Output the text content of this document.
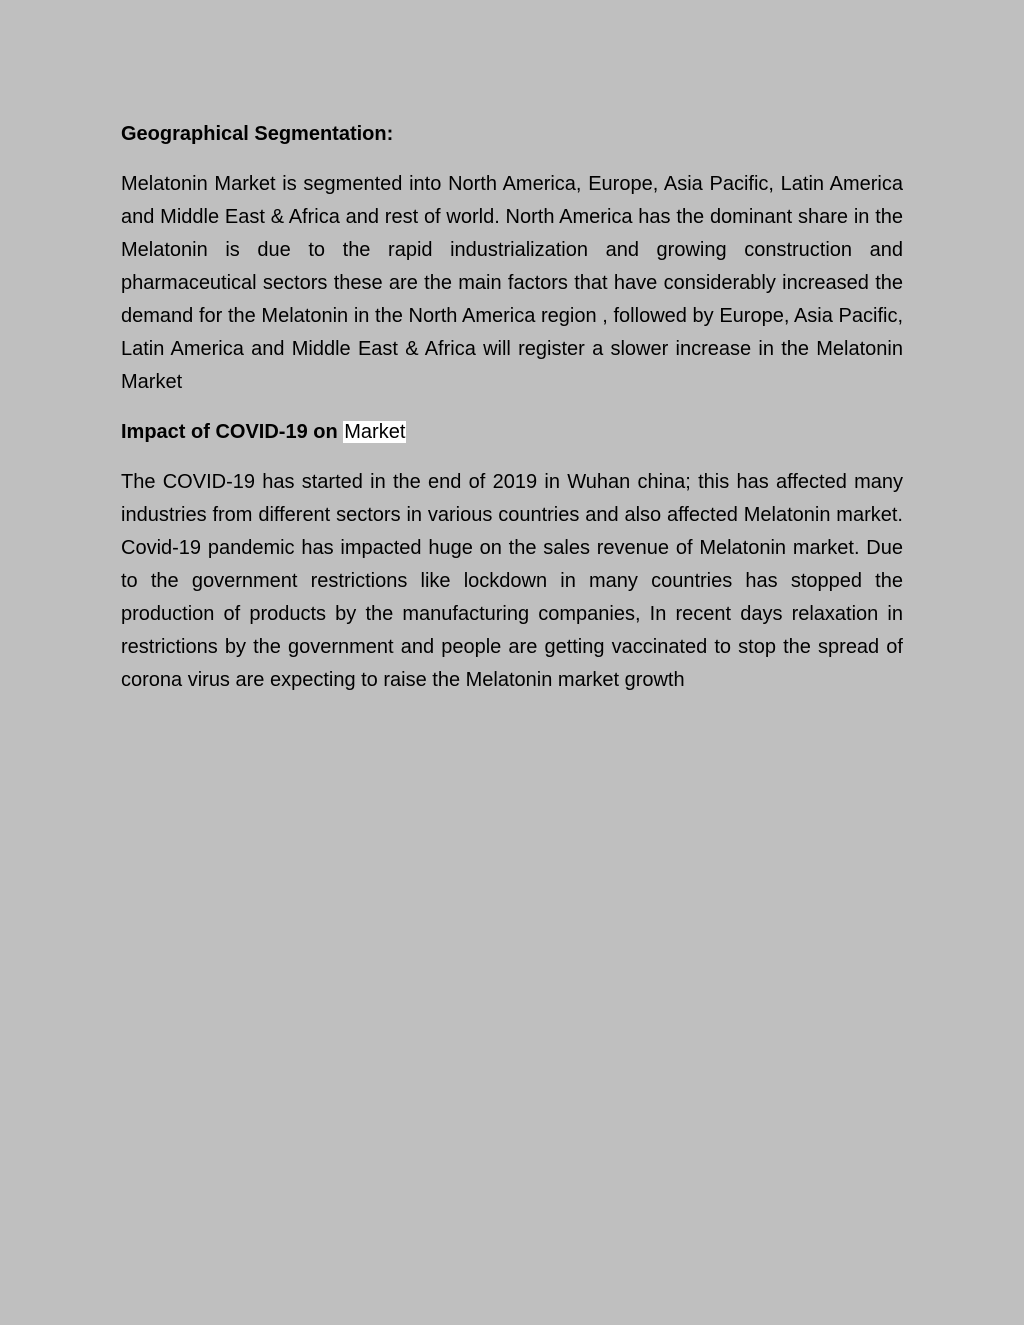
Geographical Segmentation:

Melatonin Market is segmented into North America, Europe, Asia Pacific, Latin America and Middle East & Africa and rest of world. North America has the dominant share in the Melatonin is due to the rapid industrialization and growing construction and pharmaceutical sectors these are the main factors that have considerably increased the demand for the Melatonin in the North America region , followed by Europe, Asia Pacific, Latin America and Middle East & Africa will register a slower increase in the Melatonin Market

Impact of COVID-19 on Market

The COVID-19 has started in the end of 2019 in Wuhan china; this has affected many industries from different sectors in various countries and also affected Melatonin market. Covid-19 pandemic has impacted huge on the sales revenue of Melatonin market. Due to the government restrictions like lockdown in many countries has stopped the production of products by the manufacturing companies, In recent days relaxation in restrictions by the government and people are getting vaccinated to stop the spread of corona virus are expecting to raise the Melatonin market growth
